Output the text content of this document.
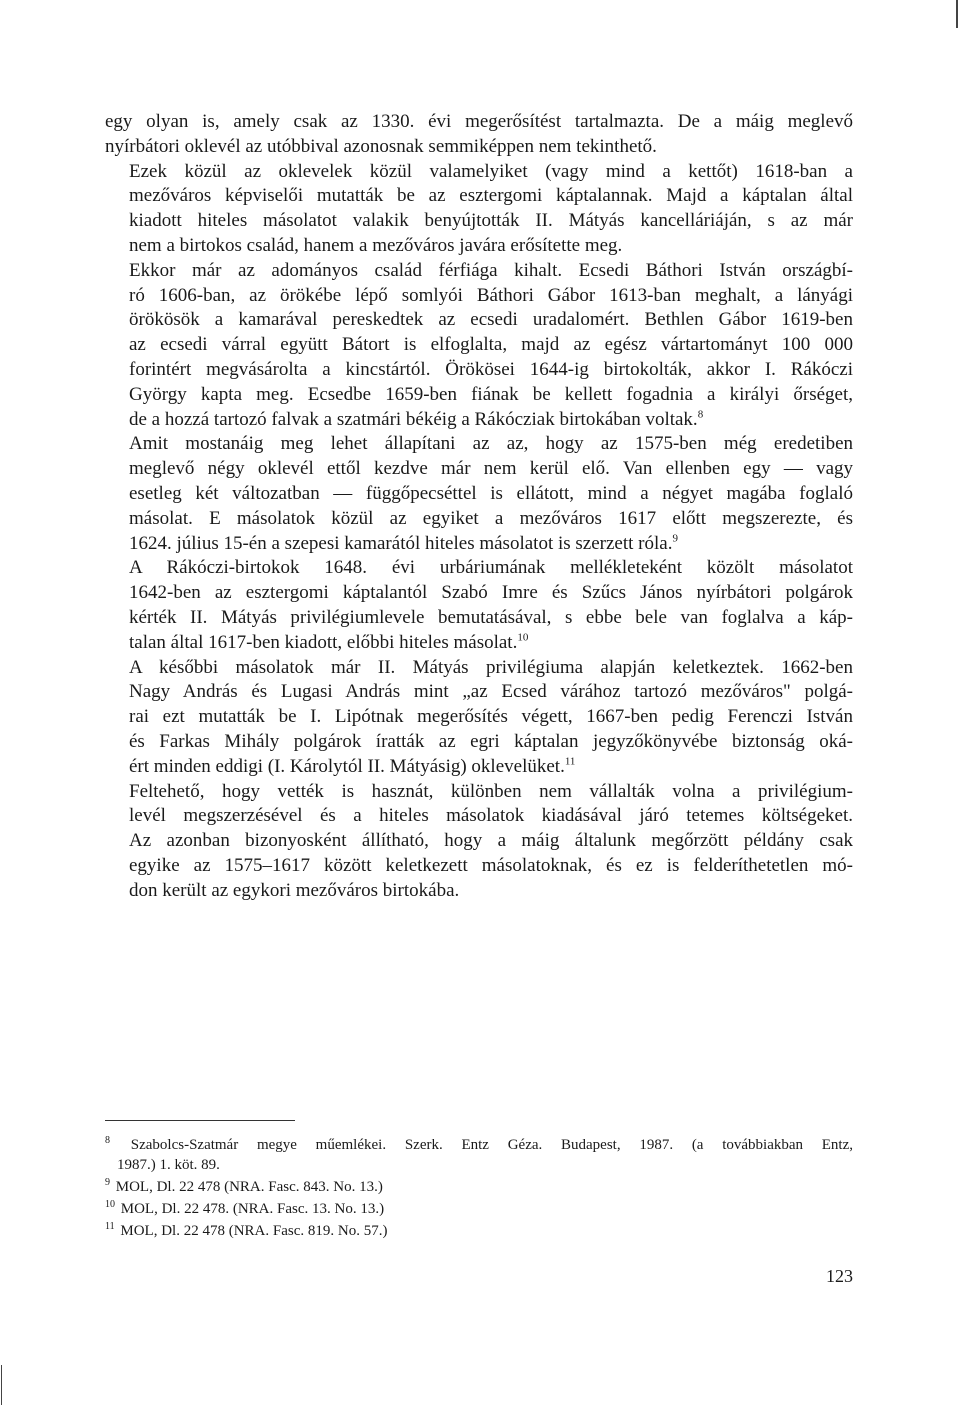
egy olyan is, amely csak az 1330. évi megerősítést tartalmazta. De a máig meglevő
nyírbátori oklevél az utóbbival azonosnak semmiképpen nem tekinthető.

Ezek közül az oklevelek közül valamelyiket (vagy mind a kettőt) 1618-ban a
mezőváros képviselői mutatták be az esztergomi káptalannak. Majd a káptalan által
kiadott hiteles másolatot valakik benyújtották II. Mátyás kancelláriáján, s az már
nem a birtokos család, hanem a mezőváros javára erősítette meg.

Ekkor már az adományos család férfiága kihalt. Ecsedi Báthori István országbí-
ró 1606-ban, az örökébe lépő somlyói Báthori Gábor 1613-ban meghalt, a lányági
örökösök a kamarával pereskedtek az ecsedi uradalomért. Bethlen Gábor 1619-ben
az ecsedi várral együtt Bátort is elfoglalta, majd az egész vártartományt 100 000
forintért megvásárolta a kincstártól. Örökösei 1644-ig birtokolták, akkor I. Rákóczi
György kapta meg. Ecsedbe 1659-ben fiának be kellett fogadnia a királyi őrséget,
de a hozzá tartozó falvak a szatmári békéig a Rákócziak birtokában voltak.$^8$

Amit mostanáig meg lehet állapítani az az, hogy az 1575-ben még eredetiben
meglevő négy oklevél ettől kezdve már nem kerül elő. Van ellenben egy — vagy
esetleg két változatban — függőpecséttel is ellátott, mind a négyet magába foglaló
másolat. E másolatok közül az egyiket a mezőváros 1617 előtt megszerezte, és
1624. július 15-én a szepesi kamarától hiteles másolatot is szerzett róla.$^9$

A Rákóczi-birtokok 1648. évi urbáriumának mellékleteként közölt másolatot
1642-ben az esztergomi káptalantól Szabó Imre és Szűcs János nyírbátori polgárok
kérték II. Mátyás privilégiumlevele bemutatásával, s ebbe bele van foglalva a káp-
talan által 1617-ben kiadott, előbbi hiteles másolat.$^{10}$

A későbbi másolatok már II. Mátyás privilégiuma alapján keletkeztek. 1662-ben
Nagy András és Lugasi András mint „az Ecsed várához tartozó mezőváros" polgá-
rai ezt mutatták be I. Lipótnak megerősítés végett, 1667-ben pedig Ferenczi István
és Farkas Mihály polgárok íratták az egri káptalan jegyzőkönyvébe biztonság oká-
ért minden eddigi (I. Károlytól II. Mátyásig) oklevelüket.$^{11}$

Feltehető, hogy vették is hasznát, különben nem vállalták volna a privilégium-
levél megszerzésével és a hiteles másolatok kiadásával járó tetemes költségeket.
Az azonban bizonyosként állítható, hogy a máig általunk megőrzött példány csak
egyike az 1575–1617 között keletkezett másolatoknak, és ez is felderíthetetlen mó-
don került az egykori mezőváros birtokába.

$^8$ Szabolcs-Szatmár megye műemlékei. Szerk. Entz Géza. Budapest, 1987. (a továbbiakban Entz,
1987.) 1. köt. 89.

$^9$ MOL, Dl. 22 478 (NRA. Fasc. 843. No. 13.)

$^{10}$ MOL, Dl. 22 478. (NRA. Fasc. 13. No. 13.)

$^{11}$ MOL, Dl. 22 478 (NRA. Fasc. 819. No. 57.)

123
